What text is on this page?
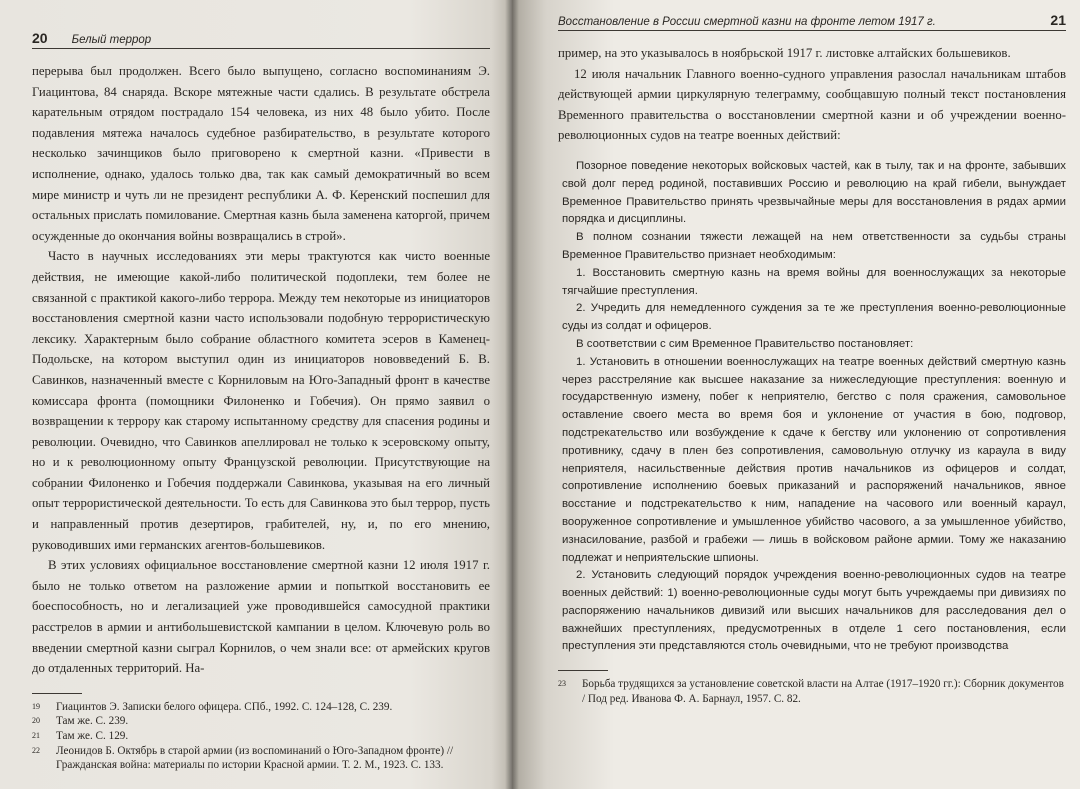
20 Белый террор

перерыва был продолжен. Всего было выпущено, согласно воспоминаниям Э. Гиацинтова, 84 снаряда. Вскоре мятежные части сдались. В результате обстрела карательным отрядом пострадало 154 человека, из них 48 было убито. После подавления мятежа началось судебное разбирательство, в результате которого несколько зачинщиков было приговорено к смертной казни. «Привести в исполнение, однако, удалось только два, так как самый демократичный во всем мире министр и чуть ли не президент республики А. Ф. Керенский поспешил для остальных прислать помилование. Смертная казнь была заменена каторгой, причем осужденные до окончания войны возвращались в строй».

Часто в научных исследованиях эти меры трактуются как чисто военные действия, не имеющие какой-либо политической подоплеки, тем более не связанной с практикой какого-либо террора. Между тем некоторые из инициаторов восстановления смертной казни часто использовали подобную террористическую лексику. Характерным было собрание областного комитета эсеров в Каменец-Подольске, на котором выступил один из инициаторов нововведений Б. В. Савинков, назначенный вместе с Корниловым на Юго-Западный фронт в качестве комиссара фронта (помощники Филоненко и Гобечия). Он прямо заявил о возвращении к террору как старому испытанному средству для спасения родины и революции. Очевидно, что Савинков апеллировал не только к эсеровскому опыту, но и к революционному опыту Французской революции. Присутствующие на собрании Филоненко и Гобечия поддержали Савинкова, указывая на его личный опыт террористической деятельности. То есть для Савинкова это был террор, пусть и направленный против дезертиров, грабителей, ну, и, по его мнению, руководивших ими германских агентов-большевиков.

В этих условиях официальное восстановление смертной казни 12 июля 1917 г. было не только ответом на разложение армии и попыткой восстановить ее боеспособность, но и легализацией уже проводившейся самосудной практики расстрелов в армии и антибольшевистской кампании в целом. Ключевую роль во введении смертной казни сыграл Корнилов, о чем знали все: от армейских кругов до отдаленных территорий. На-

19	Гиацинтов Э. Записки белого офицера. СПб., 1992. С. 124–128, С. 239.
20	Там же. С. 239.
21	Там же. С. 129.
22	Леонидов Б. Октябрь в старой армии (из воспоминаний о Юго-Западном фронте) // Гражданская война: материалы по истории Красной армии. Т. 2. М., 1923. С. 133.
Восстановление в России смертной казни на фронте летом 1917 г.	21

пример, на это указывалось в ноябрьской 1917 г. листовке алтайских большевиков.

12 июля начальник Главного военно-судного управления разослал начальникам штабов действующей армии циркулярную телеграмму, сообщавшую полный текст постановления Временного правительства о восстановлении смертной казни и об учреждении военно-революционных судов на театре военных действий:

Позорное поведение некоторых войсковых частей, как в тылу, так и на фронте, забывших свой долг перед родиной, поставивших Россию и революцию на край гибели, вынуждает Временное Правительство принять чрезвычайные меры для восстановления в рядах армии порядка и дисциплины.

В полном сознании тяжести лежащей на нем ответственности за судьбы страны Временное Правительство признает необходимым:

1. Восстановить смертную казнь на время войны для военнослужащих за некоторые тягчайшие преступления.

2. Учредить для немедленного суждения за те же преступления военно-революционные суды из солдат и офицеров.

В соответствии с сим Временное Правительство постановляет:

1. Установить в отношении военнослужащих на театре военных действий смертную казнь через расстреляние как высшее наказание за нижеследующие преступления: военную и государственную измену, побег к неприятелю, бегство с поля сражения, самовольное оставление своего места во время боя и уклонение от участия в бою, подговор, подстрекательство или возбуждение к сдаче к бегству или уклонению от сопротивления противнику, сдачу в плен без сопротивления, самовольную отлучку из караула в виду неприятеля, насильственные действия против начальников из офицеров и солдат, сопротивление исполнению боевых приказаний и распоряжений начальников, явное восстание и подстрекательство к ним, нападение на часового или военный караул, вооруженное сопротивление и умышленное убийство часового, а за умышленное убийство, изнасилование, разбой и грабежи — лишь в войсковом районе армии. Тому же наказанию подлежат и неприятельские шпионы.

2. Установить следующий порядок учреждения военно-революционных судов на театре военных действий: 1) военно-революционные суды могут быть учреждаемы при дивизиях по распоряжению начальников дивизий или высших начальников для расследования дел о важнейших преступлениях, предусмотренных в отделе 1 сего постановления, если преступления эти представляются столь очевидными, что не требуют производства

23	Борьба трудящихся за установление советской власти на Алтае (1917–1920 гг.): Сборник документов / Под ред. Иванова Ф. А. Барнаул, 1957. С. 82.
